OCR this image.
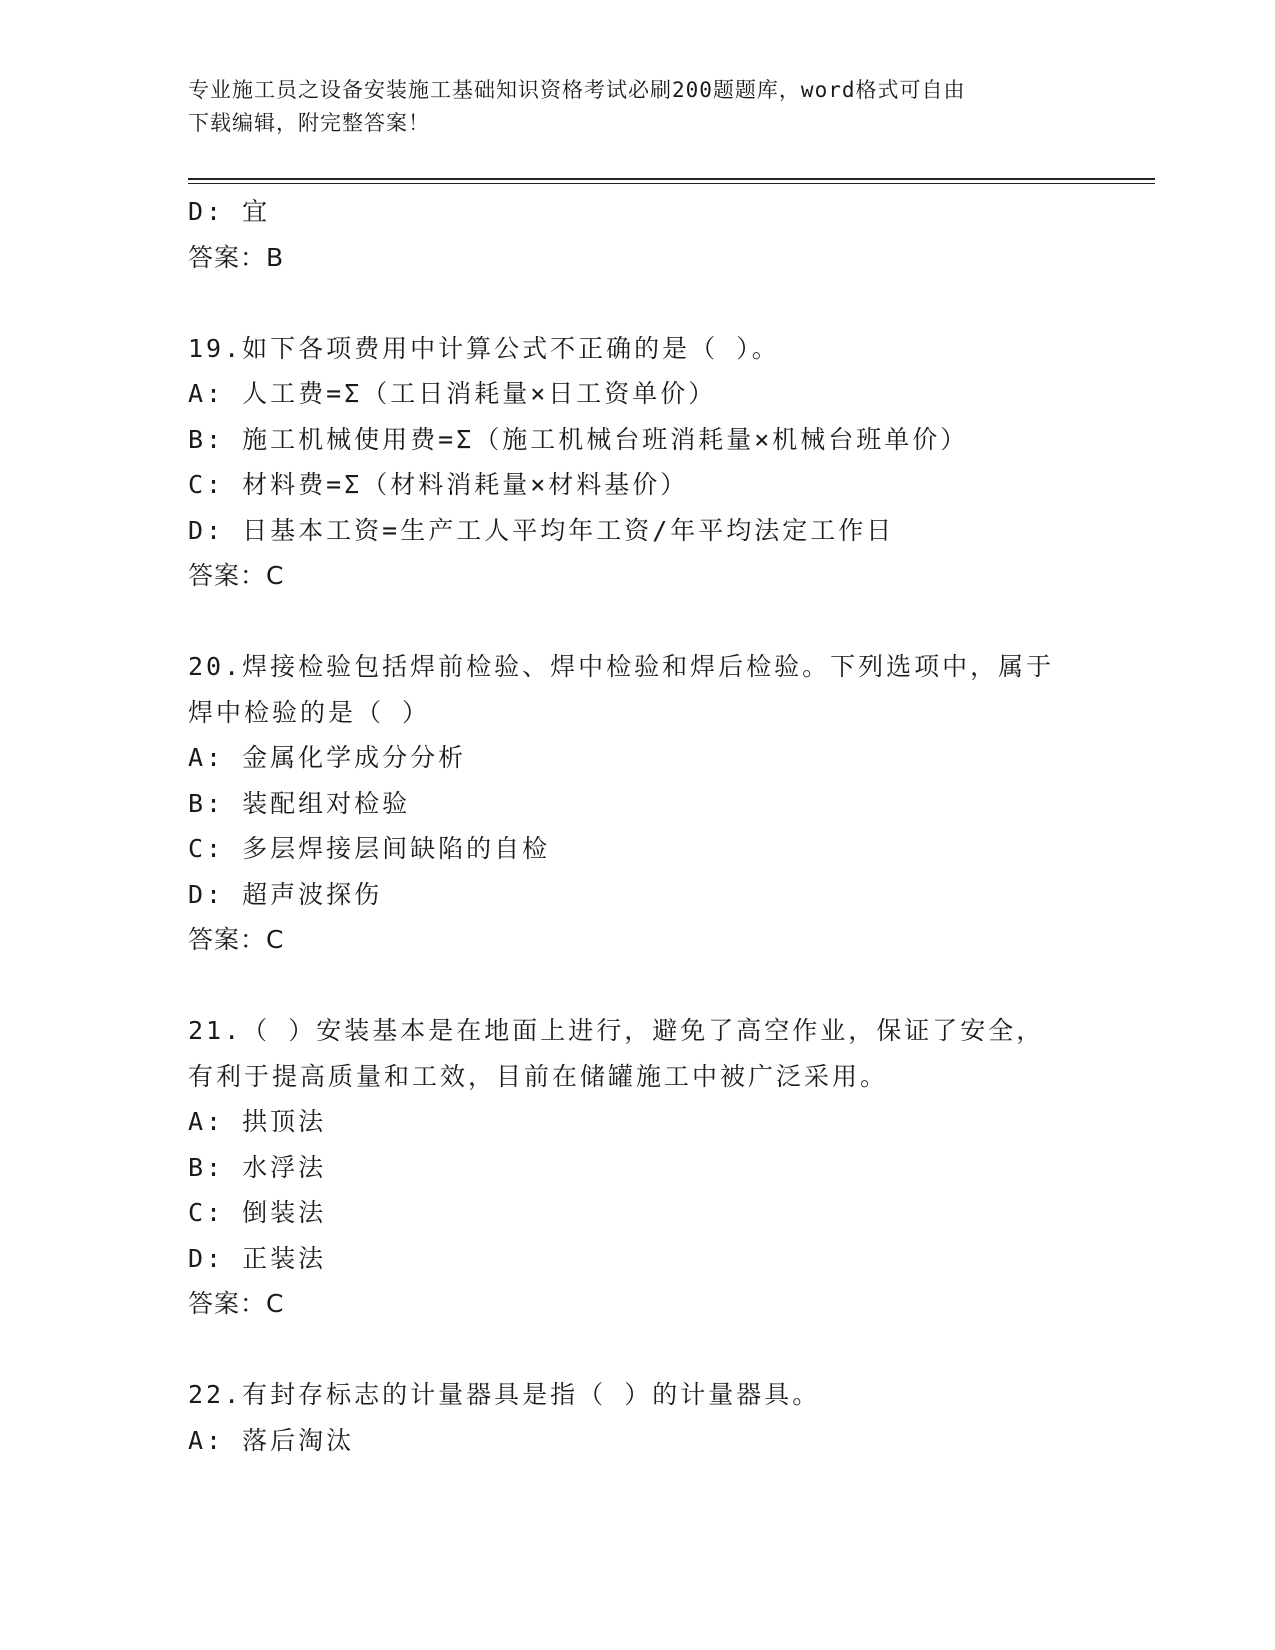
专业施工员之设备安装施工基础知识资格考试必刷200题题库，word格式可自由
下载编辑，附完整答案！
D: 宜
答案：B
19.如下各项费用中计算公式不正确的是（ ）。
A: 人工费=Σ（工日消耗量×日工资单价）
B: 施工机械使用费=Σ（施工机械台班消耗量×机械台班单价）
C: 材料费=Σ（材料消耗量×材料基价）
D: 日基本工资=生产工人平均年工资/年平均法定工作日
答案：C
20.焊接检验包括焊前检验、焊中检验和焊后检验。下列选项中，属于
焊中检验的是（ ）
A: 金属化学成分分析
B: 装配组对检验
C: 多层焊接层间缺陷的自检
D: 超声波探伤
答案：C
21.（ ）安装基本是在地面上进行，避免了高空作业，保证了安全，
有利于提高质量和工效，目前在储罐施工中被广泛采用。
A: 拱顶法
B: 水浮法
C: 倒装法
D: 正装法
答案：C
22.有封存标志的计量器具是指（ ）的计量器具。
A: 落后淘汰
